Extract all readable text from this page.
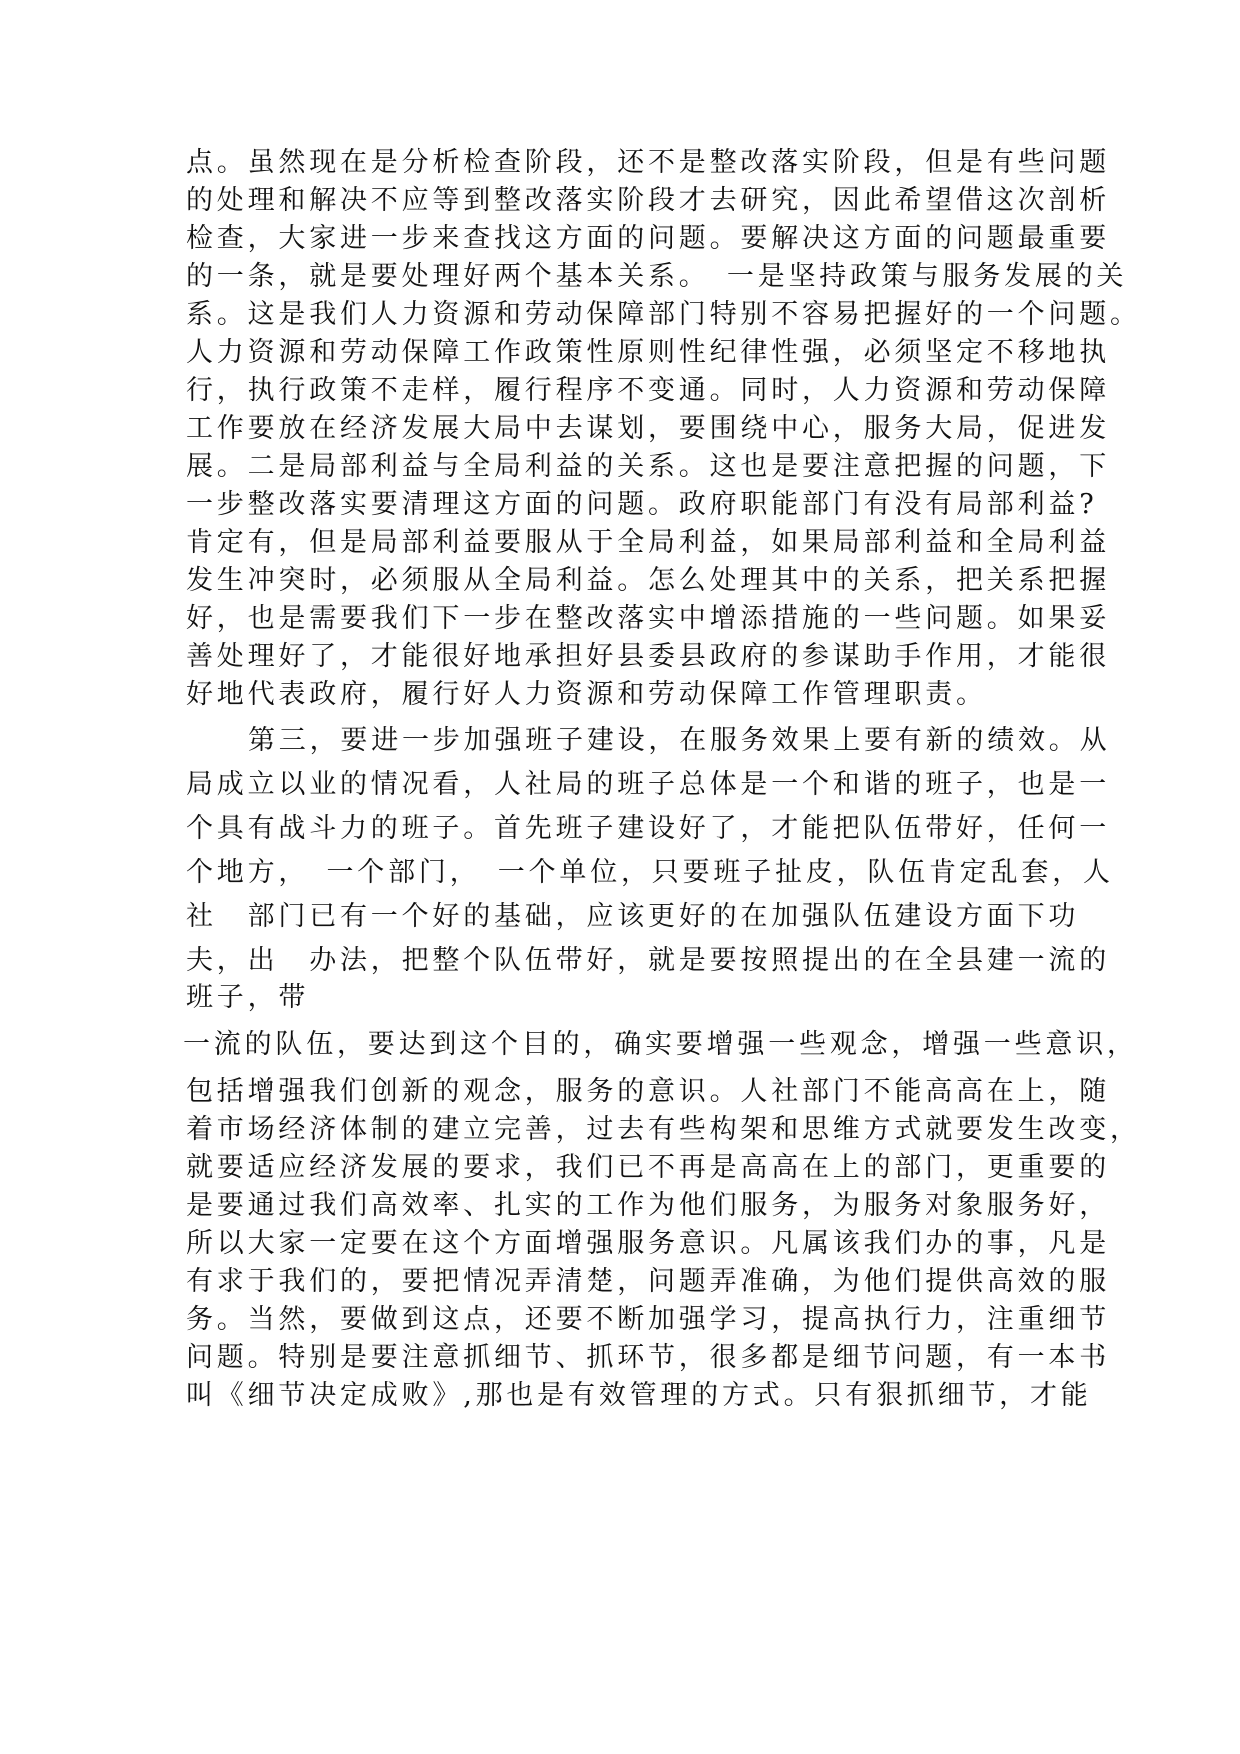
点。虽然现在是分析检查阶段，还不是整改落实阶段，但是有些问题
的处理和解决不应等到整改落实阶段才去研究，因此希望借这次剖析
检查，大家进一步来查找这方面的问题。要解决这方面的问题最重要
的一条，就是要处理好两个基本关系。　一是坚持政策与服务发展的关
系。这是我们人力资源和劳动保障部门特别不容易把握好的一个问题。
人力资源和劳动保障工作政策性原则性纪律性强，必须坚定不移地执
行，执行政策不走样，履行程序不变通。同时，人力资源和劳动保障
工作要放在经济发展大局中去谋划，要围绕中心，服务大局，促进发
展。二是局部利益与全局利益的关系。这也是要注意把握的问题，下
一步整改落实要清理这方面的问题。政府职能部门有没有局部利益?
肯定有，但是局部利益要服从于全局利益，如果局部利益和全局利益
发生冲突时，必须服从全局利益。怎么处理其中的关系，把关系把握
好，也是需要我们下一步在整改落实中增添措施的一些问题。如果妥
善处理好了，才能很好地承担好县委县政府的参谋助手作用，才能很
好地代表政府，履行好人力资源和劳动保障工作管理职责。
第三，要进一步加强班子建设，在服务效果上要有新的绩效。从
局成立以业的情况看，人社局的班子总体是一个和谐的班子，也是一
个具有战斗力的班子。首先班子建设好了，才能把队伍带好，任何一
个地方，　一个部门，　一个单位，只要班子扯皮，队伍肯定乱套，人
社　部门已有一个好的基础，应该更好的在加强队伍建设方面下功
夫，出　办法，把整个队伍带好，就是要按照提出的在全县建一流的
班子，带
一流的队伍，要达到这个目的，确实要增强一些观念，增强一些意识，
包括增强我们创新的观念，服务的意识。人社部门不能高高在上，随
着市场经济体制的建立完善，过去有些构架和思维方式就要发生改变，
就要适应经济发展的要求，我们已不再是高高在上的部门，更重要的
是要通过我们高效率、扎实的工作为他们服务，为服务对象服务好，
所以大家一定要在这个方面增强服务意识。凡属该我们办的事，凡是
有求于我们的，要把情况弄清楚，问题弄准确，为他们提供高效的服
务。当然，要做到这点，还要不断加强学习，提高执行力，注重细节
问题。特别是要注意抓细节、抓环节，很多都是细节问题，有一本书
叫《细节决定成败》,那也是有效管理的方式。只有狠抓细节，才能
